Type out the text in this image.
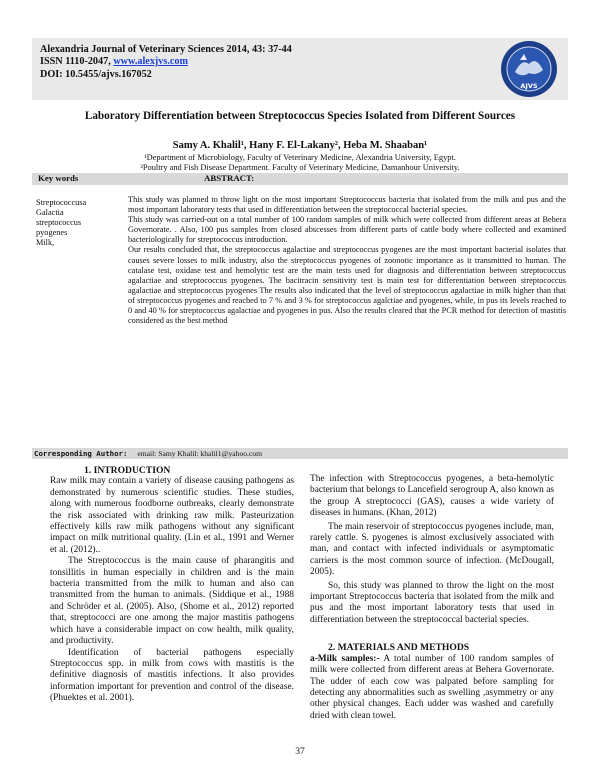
Alexandria Journal of Veterinary Sciences 2014, 43: 37-44
ISSN 1110-2047, www.alexjvs.com
DOI: 10.5455/ajvs.167052
AJVS
Laboratory Differentiation between Streptococcus Species Isolated from Different Sources
Samy A. Khalil¹, Hany F. El-Lakany², Heba M. Shaaban¹
¹Department of Microbiology, Faculty of Veterinary Medicine, Alexandria University, Egypt.
²Poultry and Fish Disease Department. Faculty of Veterinary Medicine, Damanhour University.
Key words	ABSTRACT:
Streptococcusa
Galactia
streptococcus
pyogenes
Milk,

This study was planned to throw light on the most important Streptococcus bacteria that isolated from the milk and pus and the most important laboratory tests that used in differentiation between the streptococcal bacterial species.

This study was carried-out on a total number of 100 random samples of milk which were collected from different areas at Behera Governorate. . Also, 100 pus samples from closed abscesses from different parts of cattle body where collected and examined bacteriologically for streptococcus introduction.

Our results concluded that, the streptococcus agalactiae and streptococcus pyogenes are the most important bacterial isolates that causes severe losses to milk industry, also the streptococcus pyogenes of zoonotic importance as it transmitted to human. The catalase test, oxidase test and hemolytic test are the main tests used for diagnosis and differentiation between streptococcus agalactiae and streptococcus pyogenes. The bacitracin sensitivity test is main test for differentiation between streptococcus agalactiae and streptococcus pyogenes The results also indicated that the level of streptococcus agalactiae in milk higher than that of streptococcus pyogenes and reached to 7 % and 3 % for streptococcus agalctiae and pyogenes, while, in pus its levels reached to 0 and 40 % for streptococcus agalactiae and pyogenes in pus. Also the results cleared that the PCR method for detection of mastitis considered as the best method

Corresponding Author: email: Samy Khalil: khalil1@yahoo.com
1. INTRODUCTION

Raw milk may contain a variety of disease causing pathogens as demonstrated by numerous scientific studies. These studies, along with numerous foodborne outbreaks, clearly demonstrate the risk associated with drinking raw milk. Pasteurization effectively kills raw milk pathogens without any significant impact on milk nutritional quality. (Lin et al., 1991 and Werner et al. (2012)..

The Streptococcus is the main cause of pharangitis and tonsillitis in human especially in children and is the main bacteria transmitted from the milk to human and also can transmitted from the human to animals. (Siddique et al., 1988 and Schröder et al. (2005). Also, (Shome et al., 2012) reported that, streptococci are one among the major mastitis pathogens which have a considerable impact on cow health, milk quality, and productivity.

Identification of bacterial pathogens especially Streptococcus spp. in milk from cows with mastitis is the definitive diagnosis of mastitis infections. It also provides information important for prevention and control of the disease. (Phuektes et al. 2001).

The infection with Streptococcus pyogenes, a beta-hemolytic bacterium that belongs to Lancefield serogroup A, also known as the group A streptococci (GAS), causes a wide variety of diseases in humans. (Khan, 2012)

The main reservoir of streptococcus pyogenes include, man, rarely cattle. S. pyogenes is almost exclusively associated with man, and contact with infected individuals or asymptomatic carriers is the most common source of infection. (McDougall, 2005).

So, this study was planned to throw the light on the most important Streptococcus bacteria that isolated from the milk and pus and the most important laboratory tests that used in differentiation between the streptococcal bacterial species.

2. MATERIALS AND METHODS

a-Milk samples:- A total number of 100 random samples of milk were collected from different areas at Behera Governorate. The udder of each cow was palpated before sampling for detecting any abnormalities such as swelling ,asymmetry or any other physical changes. Each udder was washed and carefully dried with clean towel.

37
